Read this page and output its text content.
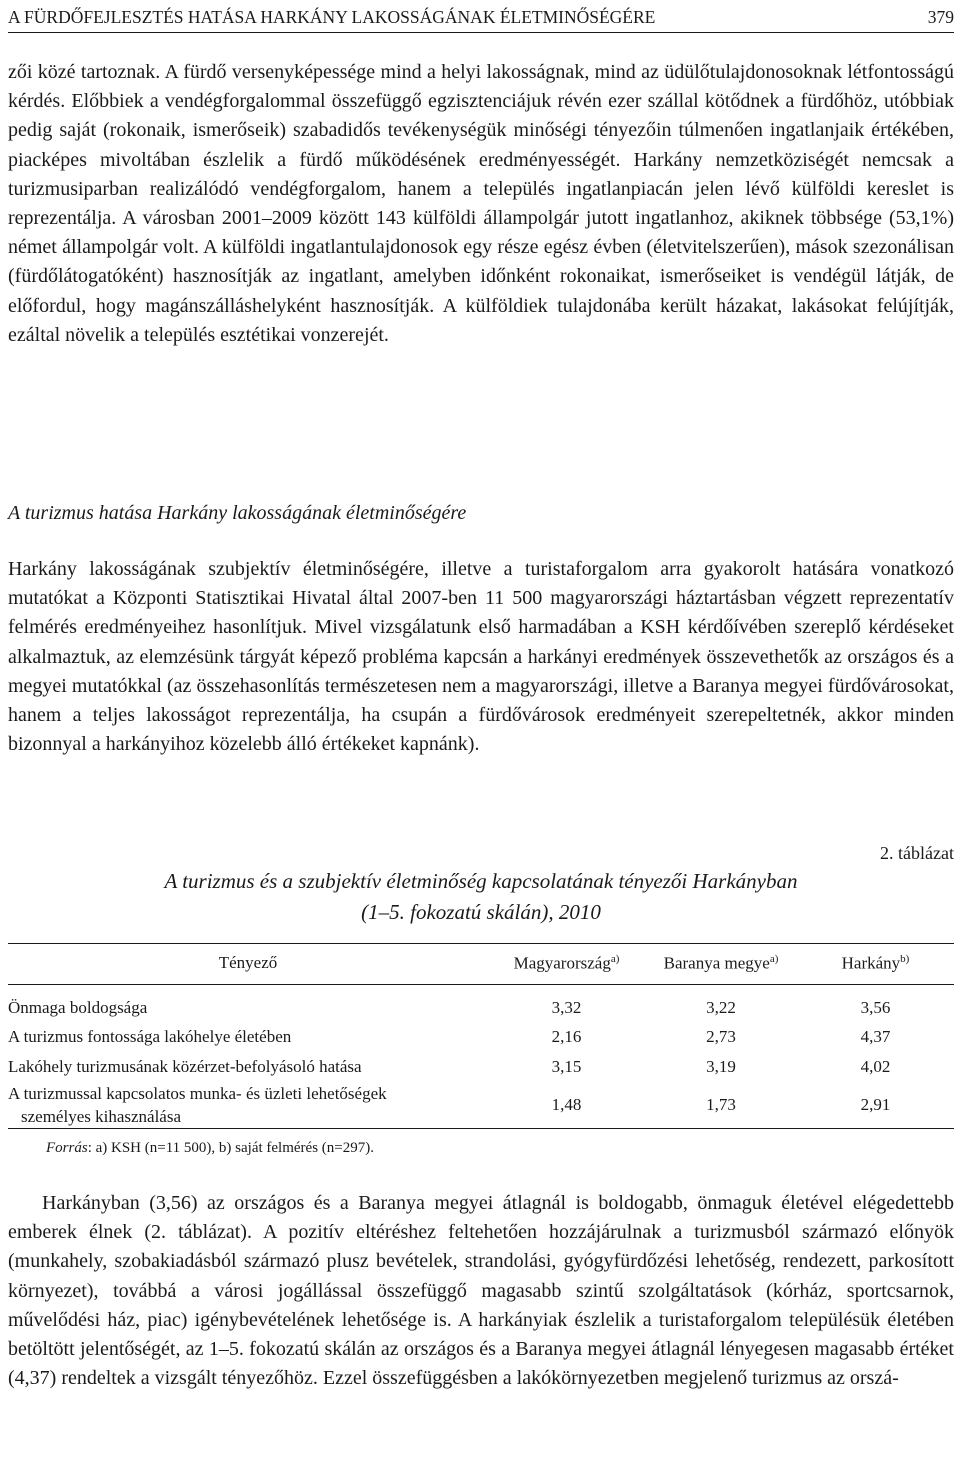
A FÜRDŐFEJLESZTÉS HATÁSA HARKÁNY LAKOSSÁGÁNAK ÉLETMINŐSÉGÉRE	379

zői közé tartoznak. A fürdő versenyképessége mind a helyi lakosságnak, mind az üdülőtulajdonosoknak létfontosságú kérdés. Előbbiek a vendégforgalommal összefüggő egzisztenciájuk révén ezer szállal kötődnek a fürdőhöz, utóbbiak pedig saját (rokonaik, ismerőseik) szabadidős tevékenységük minőségi tényezőin túlmenően ingatlanjaik értékében, piacképes mivoltában észlelik a fürdő működésének eredményességét. Harkány nemzetköziségét nemcsak a turizmusiparban realizálódó vendégforgalom, hanem a település ingatlanpiacán jelen lévő külföldi kereslet is reprezentálja. A városban 2001–2009 között 143 külföldi állampolgár jutott ingatlanhoz, akiknek többsége (53,1%) német állampolgár volt. A külföldi ingatlantulajdonosok egy része egész évben (életvitelszerűen), mások szezonálisan (fürdőlátogatóként) hasznosítják az ingatlant, amelyben időnként rokonaikat, ismerőseiket is vendégül látják, de előfordul, hogy magánszálláshelyként hasznosítják. A külföldiek tulajdonába került házakat, lakásokat felújítják, ezáltal növelik a település esztétikai vonzerejét.

A turizmus hatása Harkány lakosságának életminőségére

Harkány lakosságának szubjektív életminőségére, illetve a turistaforgalom arra gyakorolt hatására vonatkozó mutatókat a Központi Statisztikai Hivatal által 2007-ben 11 500 magyarországi háztartásban végzett reprezentatív felmérés eredményeihez hasonlítjuk. Mivel vizsgálatunk első harmadában a KSH kérdőívében szereplő kérdéseket alkalmaztuk, az elemzésünk tárgyát képező probléma kapcsán a harkányi eredmények összevethetők az országos és a megyei mutatókkal (az összehasonlítás természetesen nem a magyarországi, illetve a Baranya megyei fürdővárosokat, hanem a teljes lakosságot reprezentálja, ha csupán a fürdővárosok eredményeit szerepeltetnék, akkor minden bizonnyal a harkányihoz közelebb álló értékeket kapnánk).

2. táblázat
A turizmus és a szubjektív életminőség kapcsolatának tényezői Harkányban
(1–5. fokozatú skálán), 2010
Tényező	Magyarország$^{a)}$	Baranya megye$^{a)}$	Harkány$^{b)}$
Önmaga boldogsága	3,32	3,22	3,56
A turizmus fontossága lakóhelye életében	2,16	2,73	4,37
Lakóhely turizmusának közérzet-befolyásoló hatása	3,15	3,19	4,02
A turizmussal kapcsolatos munka- és üzleti lehetőségek
személyes kihasználása	1,48	1,73	2,91
Forrás: a) KSH (n=11 500), b) saját felmérés (n=297).

Harkányban (3,56) az országos és a Baranya megyei átlagnál is boldogabb, önmaguk életével elégedettebb emberek élnek (2. táblázat). A pozitív eltéréshez feltehetően hozzájárulnak a turizmusból származó előnyök (munkahely, szobakiadásból származó plusz bevételek, strandolási, gyógyfürdőzési lehetőség, rendezett, parkosított környezet), továbbá a városi jogállással összefüggő magasabb szintű szolgáltatások (kórház, sportcsarnok, művelődési ház, piac) igénybevételének lehetősége is. A harkányiak észlelik a turistaforgalom településük életében betöltött jelentőségét, az 1–5. fokozatú skálán az országos és a Baranya megyei átlagnál lényegesen magasabb értéket (4,37) rendeltek a vizsgált tényezőhöz. Ezzel összefüggésben a lakókörnyezetben megjelenő turizmus az orszá-
